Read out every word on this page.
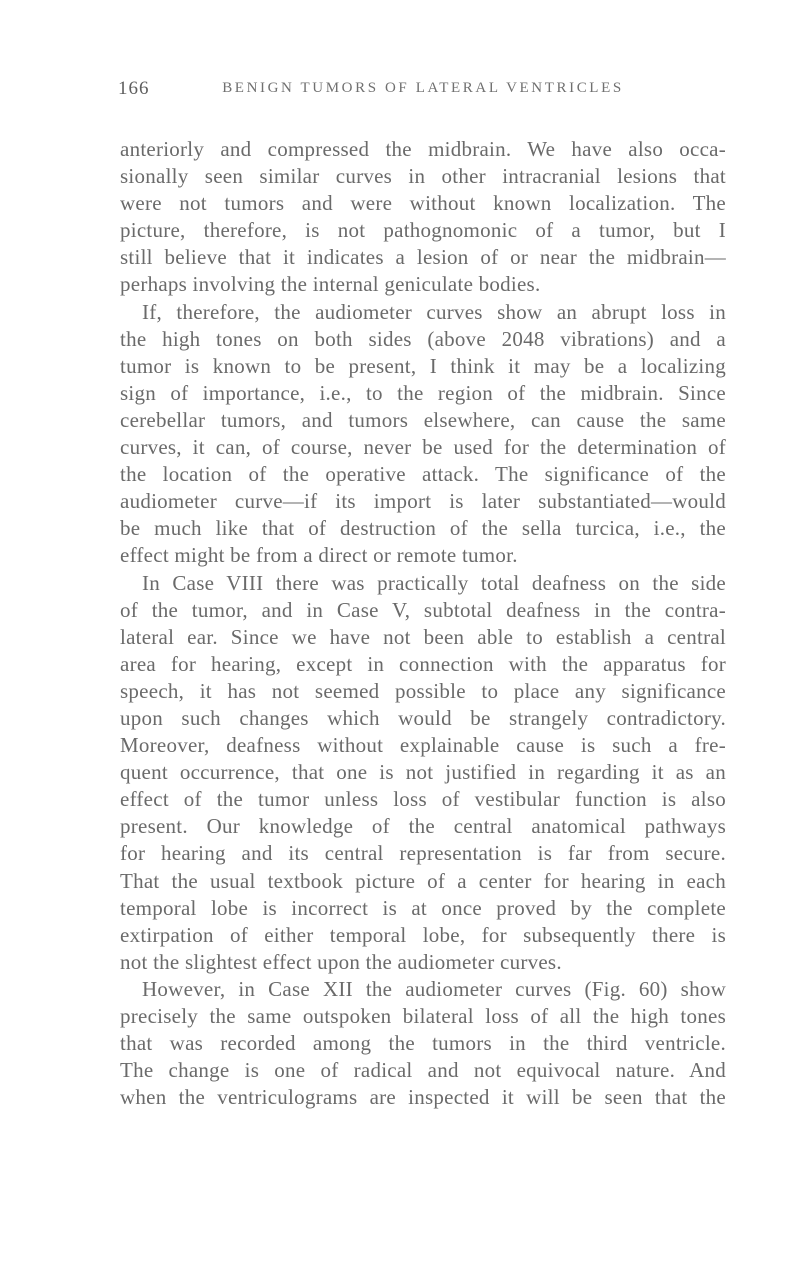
166	BENIGN TUMORS OF LATERAL VENTRICLES
anteriorly and compressed the midbrain. We have also occa-
sionally seen similar curves in other intracranial lesions that
were not tumors and were without known localization. The
picture, therefore, is not pathognomonic of a tumor, but I
still believe that it indicates a lesion of or near the midbrain—
perhaps involving the internal geniculate bodies.
If, therefore, the audiometer curves show an abrupt loss in
the high tones on both sides (above 2048 vibrations) and a
tumor is known to be present, I think it may be a localizing
sign of importance, i.e., to the region of the midbrain. Since
cerebellar tumors, and tumors elsewhere, can cause the same
curves, it can, of course, never be used for the determination of
the location of the operative attack. The significance of the
audiometer curve—if its import is later substantiated—would
be much like that of destruction of the sella turcica, i.e., the
effect might be from a direct or remote tumor.
In Case VIII there was practically total deafness on the side
of the tumor, and in Case V, subtotal deafness in the contra-
lateral ear. Since we have not been able to establish a central
area for hearing, except in connection with the apparatus for
speech, it has not seemed possible to place any significance
upon such changes which would be strangely contradictory.
Moreover, deafness without explainable cause is such a fre-
quent occurrence, that one is not justified in regarding it as an
effect of the tumor unless loss of vestibular function is also
present. Our knowledge of the central anatomical pathways
for hearing and its central representation is far from secure.
That the usual textbook picture of a center for hearing in each
temporal lobe is incorrect is at once proved by the complete
extirpation of either temporal lobe, for subsequently there is
not the slightest effect upon the audiometer curves.
However, in Case XII the audiometer curves (Fig. 60) show
precisely the same outspoken bilateral loss of all the high tones
that was recorded among the tumors in the third ventricle.
The change is one of radical and not equivocal nature. And
when the ventriculograms are inspected it will be seen that the
